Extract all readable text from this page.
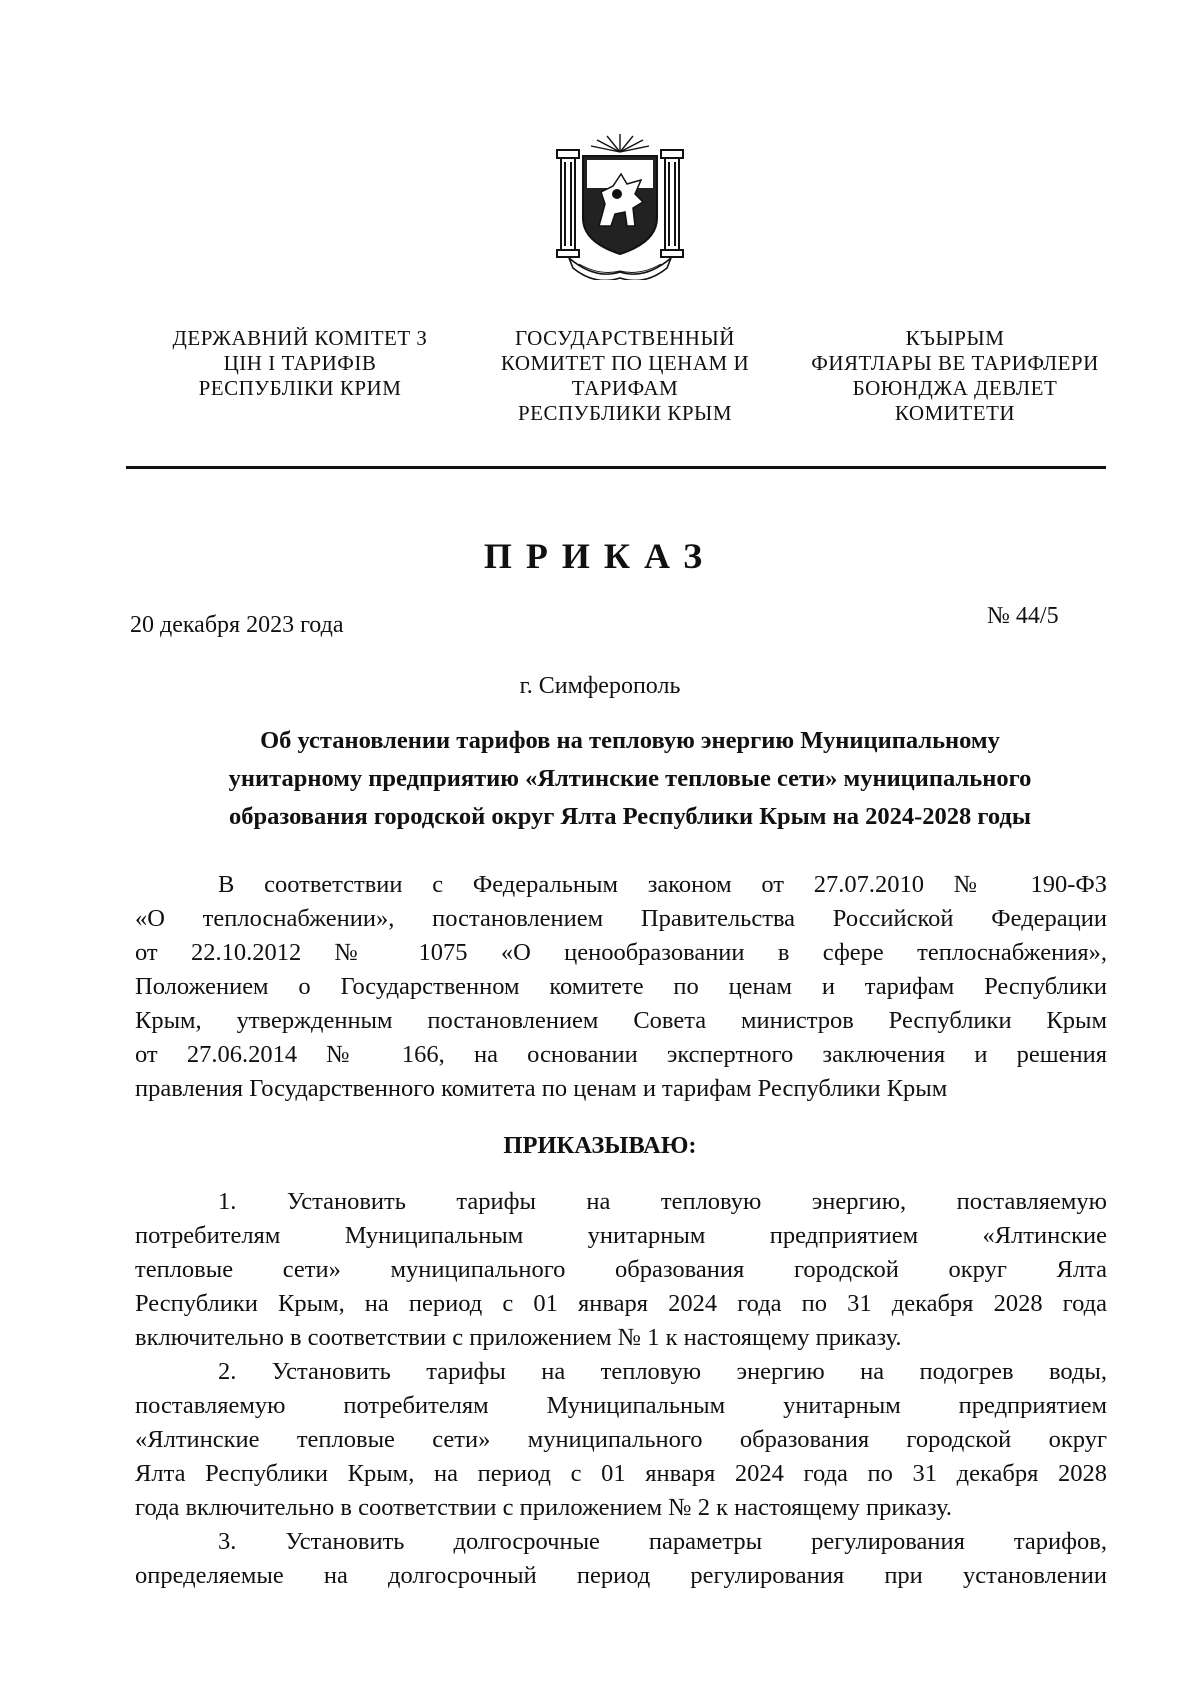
ДЕРЖАВНИЙ КОМІТЕТ З
ЦІН І ТАРИФІВ
РЕСПУБЛІКИ КРИМ
ГОСУДАРСТВЕННЫЙ
КОМИТЕТ ПО ЦЕНАМ И
ТАРИФАМ
РЕСПУБЛИКИ КРЫМ
КЪЫРЫМ
ФИЯТЛАРЫ ВЕ ТАРИФЛЕРИ
БОЮНДЖА ДЕВЛЕТ
КОМИТЕТИ
ПРИКАЗ
20 декабря 2023 года	№ 44/5
г. Симферополь
Об установлении тарифов на тепловую энергию Муниципальному
унитарному предприятию «Ялтинские тепловые сети» муниципального
образования городской округ Ялта Республики Крым на 2024-2028 годы
В соответствии с Федеральным законом от 27.07.2010 № 190-ФЗ
«О теплоснабжении», постановлением Правительства Российской Федерации
от 22.10.2012 № 1075 «О ценообразовании в сфере теплоснабжения»,
Положением о Государственном комитете по ценам и тарифам Республики
Крым, утвержденным постановлением Совета министров Республики Крым
от 27.06.2014 № 166, на основании экспертного заключения и решения
правления Государственного комитета по ценам и тарифам Республики Крым
ПРИКАЗЫВАЮ:
1. Установить тарифы на тепловую энергию, поставляемую
потребителям Муниципальным унитарным предприятием «Ялтинские
тепловые сети» муниципального образования городской округ Ялта
Республики Крым, на период с 01 января 2024 года по 31 декабря 2028 года
включительно в соответствии с приложением № 1 к настоящему приказу.
2. Установить тарифы на тепловую энергию на подогрев воды,
поставляемую потребителям Муниципальным унитарным предприятием
«Ялтинские тепловые сети» муниципального образования городской округ
Ялта Республики Крым, на период с 01 января 2024 года по 31 декабря 2028
года включительно в соответствии с приложением № 2 к настоящему приказу.
3. Установить долгосрочные параметры регулирования тарифов,
определяемые на долгосрочный период регулирования при установлении
